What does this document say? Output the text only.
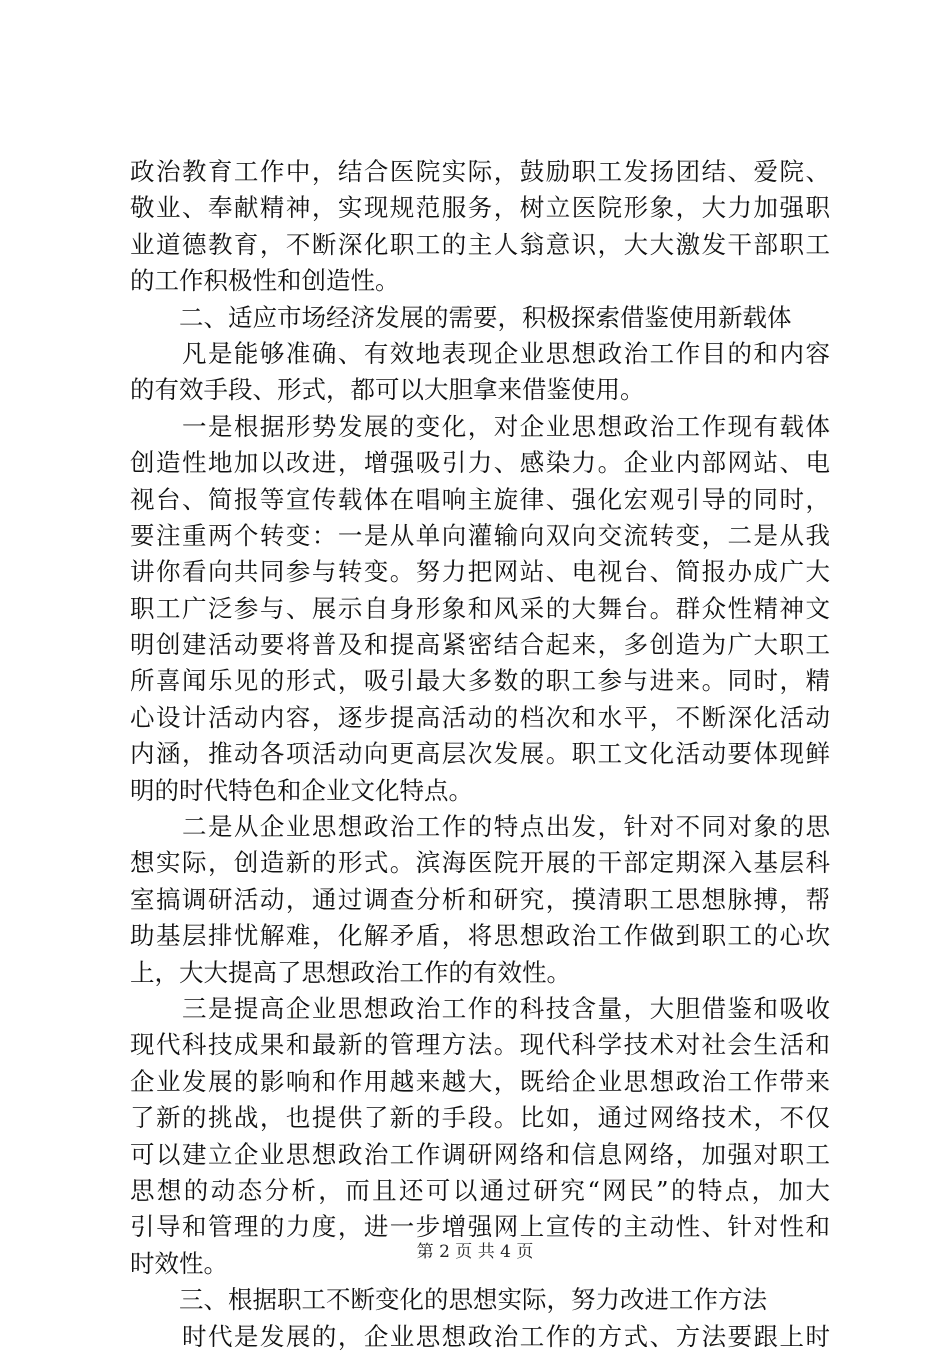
政治教育工作中，结合医院实际，鼓励职工发扬团结、爱院、
敬业、奉献精神，实现规范服务，树立医院形象，大力加强职
业道德教育，不断深化职工的主人翁意识，大大激发干部职工
的工作积极性和创造性。
　　二、适应市场经济发展的需要，积极探索借鉴使用新载体
　　凡是能够准确、有效地表现企业思想政治工作目的和内容
的有效手段、形式，都可以大胆拿来借鉴使用。
　　一是根据形势发展的变化，对企业思想政治工作现有载体
创造性地加以改进，增强吸引力、感染力。企业内部网站、电
视台、简报等宣传载体在唱响主旋律、强化宏观引导的同时，
要注重两个转变：一是从单向灌输向双向交流转变，二是从我
讲你看向共同参与转变。努力把网站、电视台、简报办成广大
职工广泛参与、展示自身形象和风采的大舞台。群众性精神文
明创建活动要将普及和提高紧密结合起来，多创造为广大职工
所喜闻乐见的形式，吸引最大多数的职工参与进来。同时，精
心设计活动内容，逐步提高活动的档次和水平，不断深化活动
内涵，推动各项活动向更高层次发展。职工文化活动要体现鲜
明的时代特色和企业文化特点。
　　二是从企业思想政治工作的特点出发，针对不同对象的思
想实际，创造新的形式。滨海医院开展的干部定期深入基层科
室搞调研活动，通过调查分析和研究，摸清职工思想脉搏，帮
助基层排忧解难，化解矛盾，将思想政治工作做到职工的心坎
上，大大提高了思想政治工作的有效性。
　　三是提高企业思想政治工作的科技含量，大胆借鉴和吸收
现代科技成果和最新的管理方法。现代科学技术对社会生活和
企业发展的影响和作用越来越大，既给企业思想政治工作带来
了新的挑战，也提供了新的手段。比如，通过网络技术，不仅
可以建立企业思想政治工作调研网络和信息网络，加强对职工
思想的动态分析，而且还可以通过研究“网民”的特点，加大
引导和管理的力度，进一步增强网上宣传的主动性、针对性和
时效性。
　　三、根据职工不断变化的思想实际，努力改进工作方法
　　时代是发展的，企业思想政治工作的方式、方法要跟上时
第 2 页 共 4 页
